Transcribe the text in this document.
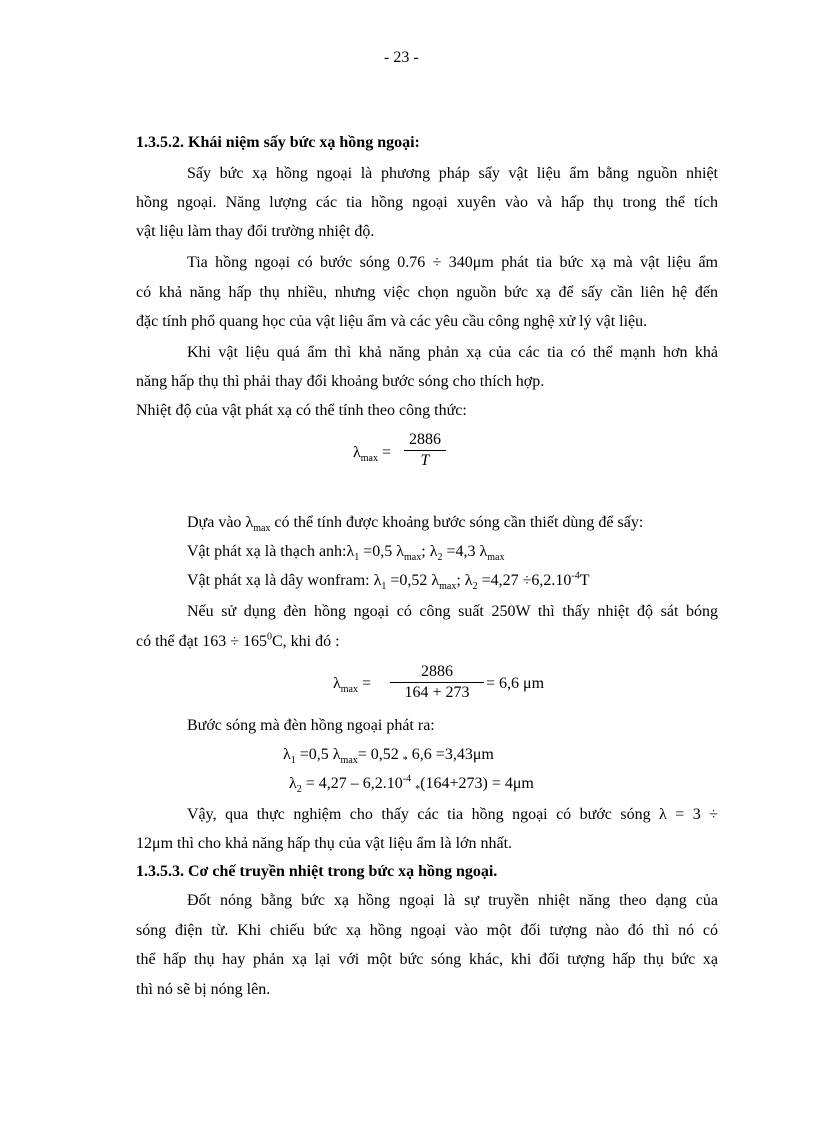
- 23 -
1.3.5.2. Khái niệm sấy bức xạ hồng ngoại:
Sấy bức xạ hồng ngoại là phương pháp sấy vật liệu ẩm bằng nguồn nhiệt
hồng ngoại. Năng lượng các tia hồng ngoại xuyên vào và hấp thụ trong thể tích
vật liệu làm thay đổi trường nhiệt độ.
Tia hồng ngoại có bước sóng 0.76 ÷ 340μm phát tia bức xạ mà vật liệu ẩm
có khả năng hấp thụ nhiều, nhưng việc chọn nguồn bức xạ để sấy cần liên hệ đến
đặc tính phổ quang học của vật liệu ẩm và các yêu cầu công nghệ xử lý vật liệu.
Khi vật liệu quá ẩm thì khả năng phản xạ của các tia có thể mạnh hơn khả
năng hấp thụ thì phải thay đổi khoảng bước sóng cho thích hợp.
Nhiệt độ của vật phát xạ có thể tính theo công thức:
$\lambda_{max}$ =
2886
T
Dựa vào $\lambda_{max}$ có thể tính được khoảng bước sóng cần thiết dùng để sấy:
Vật phát xạ là thạch $anh:\lambda_1 =0,5$ $\lambda_{max}$; $\lambda_2 =4,3$ $\lambda_{max}$
Vật phát xạ là dây wonfram: $\lambda_1 =0,52$ $\lambda_{max}$; $\lambda_2 =4,27 \div 6,2.10^{-4}T$
Nếu sử dụng đèn hồng ngoại có công suất 250W thì thấy nhiệt độ sát bóng
có thể đạt $163 \div 165^0C$, khi đó :
$\lambda_{max}$ =
2886
164 + 273
= 6,6 μm
Bước sóng mà đèn hồng ngoại phát ra:
$\lambda_1 =0,5$ $\lambda_{max}= 0,52$ $_*$ 6,6 =3,43μm
$\lambda_2 = 4,27 - 6,2.10^{-4}$ $_*$(164+273) = 4μm
Vậy, qua thực nghiệm cho thấy các tia hồng ngoại có bước sóng λ = 3 ÷
12μm thì cho khả năng hấp thụ của vật liệu ẩm là lớn nhất.
1.3.5.3. Cơ chế truyền nhiệt trong bức xạ hồng ngoại.
Đốt nóng bằng bức xạ hồng ngoại là sự truyền nhiệt năng theo dạng của
sóng điện từ. Khi chiếu bức xạ hồng ngoại vào một đối tượng nào đó thì nó có
thể hấp thụ hay phản xạ lại với một bức sóng khác, khi đối tượng hấp thụ bức xạ
thì nó sẽ bị nóng lên.
